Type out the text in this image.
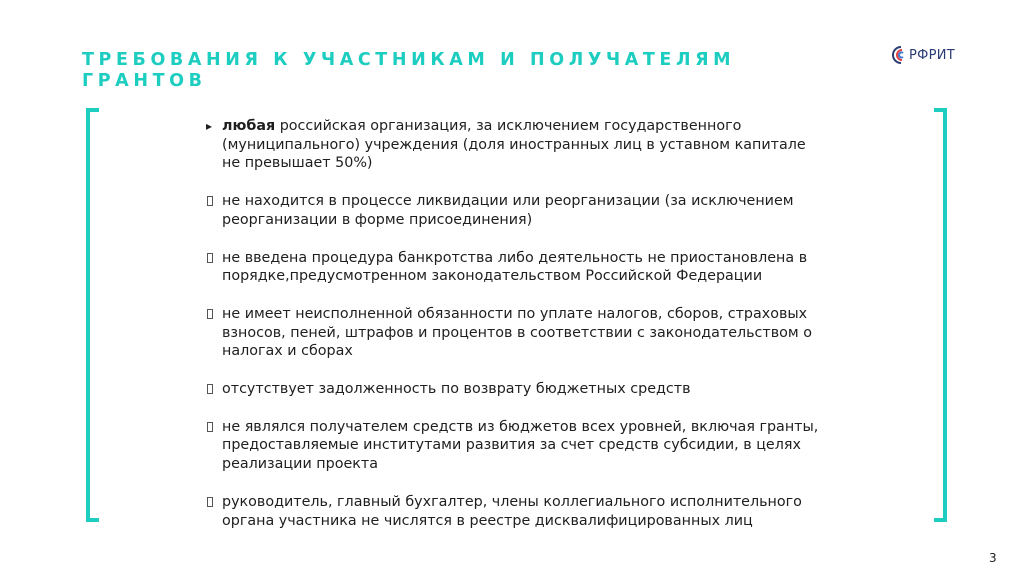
ТРЕБОВАНИЯ К УЧАСТНИКАМ И ПОЛУЧАТЕЛЯМ ГРАНТОВ
РФРИТ
▸ любая российская организация, за исключением государственного (муниципального) учреждения (доля иностранных лиц в уставном капитале не превышает 50%)
не находится в процессе ликвидации или реорганизации (за исключением реорганизации в форме присоединения)
не введена процедура банкротства либо деятельность не приостановлена в порядке,предусмотренном законодательством Российской Федерации
не имеет неисполненной обязанности по уплате налогов, сборов, страховых взносов, пеней, штрафов и процентов в соответствии с законодательством о налогах и сборах
отсутствует задолженность по возврату бюджетных средств
не являлся получателем средств из бюджетов всех уровней, включая гранты, предоставляемые институтами развития за счет средств субсидии, в целях реализации проекта
руководитель, главный бухгалтер, члены коллегиального исполнительного органа участника не числятся в реестре дисквалифицированных лиц
3
